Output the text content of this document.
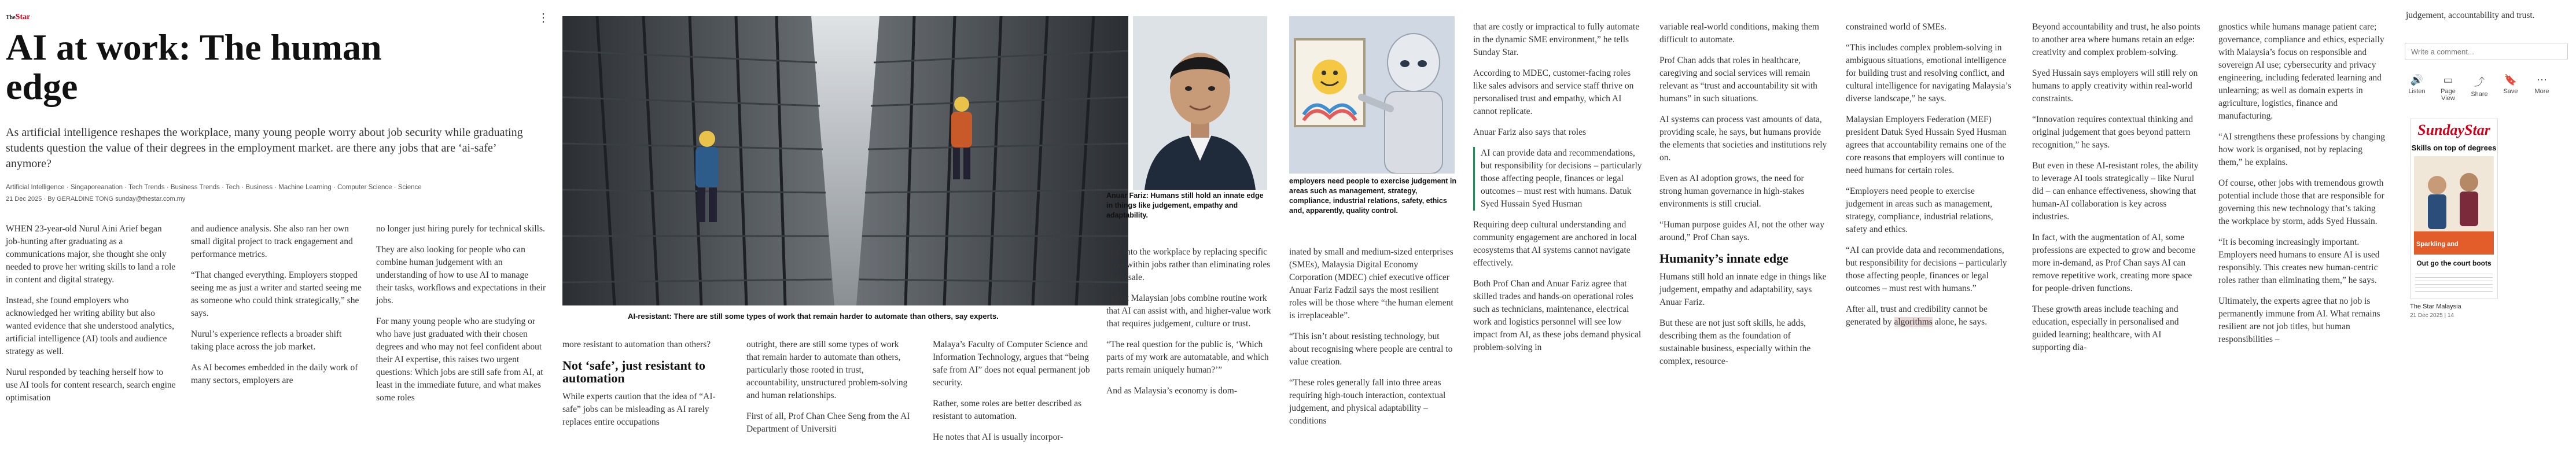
TheStar	⋮
AI at work: The human
edge
As artificial intelligence reshapes the workplace, many young people worry about job security while graduating students question the value of their degrees in the employment market. are there any jobs that are ‘ai-safe’ anymore?
Artificial Intelligence · Singaporeanation · Tech Trends · Business Trends · Tech · Business · Machine Learning · Computer Science · Science
21 Dec 2025 · By GERALDINE TONG sunday@thestar.com.my

WHEN 23-year-old Nurul Aini Arief began job-hunting after graduating as a communications major, she thought she only needed to prove her writing skills to land a role in content and digital strategy.

Instead, she found employers who acknowledged her writing ability but also wanted evidence that she understood analytics, artificial intelligence (AI) tools and audience strategy as well.

Nurul responded by teaching herself how to use AI tools for content research, search engine optimisation

and audience analysis. She also ran her own small digital project to track engagement and performance metrics.

“That changed everything. Employers stopped seeing me as just a writer and started seeing me as someone who could think strategically,” she says.

Nurul’s experience reflects a broader shift taking place across the job market.

As AI becomes embedded in the daily work of many sectors, employers are

no longer just hiring purely for technical skills.

They are also looking for people who can combine human judgement with an understanding of how to use AI to manage their tasks, workflows and expectations in their jobs.

For many young people who are studying or who have just graduated with their chosen degrees and who may not feel confident about their AI expertise, this raises two urgent questions: Which jobs are still safe from AI, at least in the immediate future, and what makes some roles

AI-resistant: There are still some types of work that remain harder to automate than others, say experts.

more resistant to automation than others?

Not ‘safe’, just resistant to automation

While experts caution that the idea of “AI-safe” jobs can be misleading as AI rarely replaces entire occupations

outright, there are still some types of work that remain harder to automate than others, particularly those rooted in trust, accountability, unstructured problem-solving and human relationships.

First of all, Prof Chan Chee Seng from the AI Department of Universiti

Malaya’s Faculty of Computer Science and Information Technology, argues that “being safe from AI” does not equal permanent job security.

Rather, some roles are better described as resistant to automation.

He notes that AI is usually incorpor-

Anuar Fariz: Humans still hold an innate edge in things like judgement, empathy and adaptability.

ated into the workplace by replacing specific tasks within jobs rather than eliminating roles wholesale.

“Most Malaysian jobs combine routine work that AI can assist with, and higher-value work that requires judgement, culture or trust.

“The real question for the public is, ‘Which parts of my work are automatable, and which parts remain uniquely human?’”

And as Malaysia’s economy is dom-

employers need people to exercise judgement in areas such as management, strategy, compliance, industrial relations, safety, ethics and, apparently, quality control.

inated by small and medium-sized enterprises (SMEs), Malaysia Digital Economy Corporation (MDEC) chief executive officer Anuar Fariz Fadzil says the most resilient roles will be those where “the human element is irreplaceable”.

“This isn’t about resisting technology, but about recognising where people are central to value creation.

“These roles generally fall into three areas requiring high-touch interaction, contextual judgement, and physical adaptability – conditions

that are costly or impractical to fully automate in the dynamic SME environment,” he tells Sunday Star.

According to MDEC, customer-facing roles like sales advisors and service staff thrive on personalised trust and empathy, which AI cannot replicate.

Anuar Fariz also says that roles

AI can provide data and recommendations, but responsibility for decisions – particularly those affecting people, finances or legal outcomes – must rest with humans. Datuk Syed Hussain Syed Husman

Requiring deep cultural understanding and community engagement are anchored in local ecosystems that AI systems cannot navigate effectively.

Both Prof Chan and Anuar Fariz agree that skilled trades and hands-on operational roles such as technicians, maintenance, electrical work and logistics personnel will see low impact from AI, as these jobs demand physical problem-solving in

variable real-world conditions, making them difficult to automate.

Prof Chan adds that roles in healthcare, caregiving and social services will remain relevant as “trust and accountability sit with humans” in such situations.

AI systems can process vast amounts of data, providing scale, he says, but humans provide the elements that societies and institutions rely on.

Even as AI adoption grows, the need for strong human governance in high-stakes environments is still crucial.

“Human purpose guides AI, not the other way around,” Prof Chan says.

Humanity’s innate edge

Humans still hold an innate edge in things like judgement, empathy and adaptability, says Anuar Fariz.

But these are not just soft skills, he adds, describing them as the foundation of sustainable business, especially within the complex, resource-

constrained world of SMEs.

“This includes complex problem-solving in ambiguous situations, emotional intelligence for building trust and resolving conflict, and cultural intelligence for navigating Malaysia’s diverse landscape,” he says.

Malaysian Employers Federation (MEF) president Datuk Syed Hussain Syed Husman agrees that accountability remains one of the core reasons that employers will continue to need humans for certain roles.

“Employers need people to exercise judgement in areas such as management, strategy, compliance, industrial relations, safety and ethics.

“AI can provide data and recommendations, but responsibility for decisions – particularly those affecting people, finances or legal outcomes – must rest with humans.”

After all, trust and credibility cannot be generated by algorithms alone, he says.

Beyond accountability and trust, he also points to another area where humans retain an edge: creativity and complex problem-solving.

Syed Hussain says employers will still rely on humans to apply creativity within real-world constraints.

“Innovation requires contextual thinking and original judgement that goes beyond pattern recognition,” he says.

But even in these AI-resistant roles, the ability to leverage AI tools strategically – like Nurul did – can enhance effectiveness, showing that human-AI collaboration is key across industries.

In fact, with the augmentation of AI, some professions are expected to grow and become more in-demand, as Prof Chan says AI can remove repetitive work, creating more space for people-driven functions.

These growth areas include teaching and education, especially in personalised and guided learning; healthcare, with AI supporting dia-

gnostics while humans manage patient care; governance, compliance and ethics, especially with Malaysia’s focus on responsible and sovereign AI use; cybersecurity and privacy engineering, including federated learning and unlearning; as well as domain experts in agriculture, logistics, finance and manufacturing.

“AI strengthens these professions by changing how work is organised, not by replacing them,” he explains.

Of course, other jobs with tremendous growth potential include those that are responsible for governing this new technology that’s taking the workplace by storm, adds Syed Hussain.

“It is becoming increasingly important. Employers need humans to ensure AI is used responsibly. This creates new human-centric roles rather than eliminating them,” he says.

Ultimately, the experts agree that no job is permanently immune from AI. What remains resilient are not job titles, but human responsibilities –

judgement, accountability and trust.
Write a comment...
🔊
Listen
▭
Page View
⤴
Share
🔖
Save
⋯
More
SundayStar
Skills on top of degrees
Sparkling and
Out go the court boots
The Star Malaysia
21 Dec 2025 | 14
